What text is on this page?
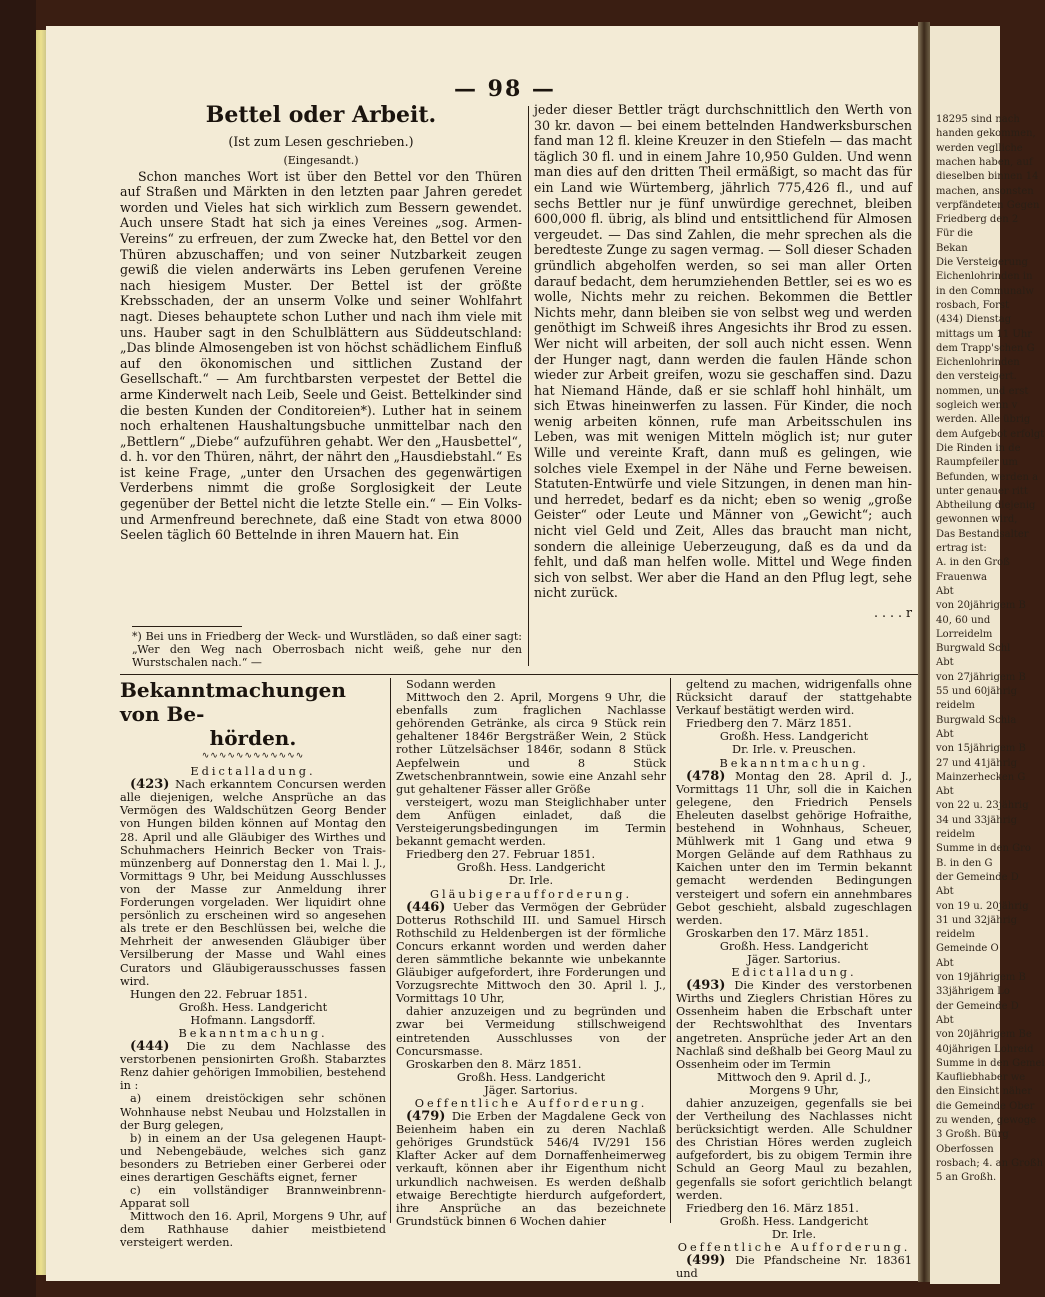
— 98 —
Bettel oder Arbeit.
(Ist zum Lesen geschrieben.)
(Eingesandt.)
Schon manches Wort ist über den Bettel vor den Thüren auf Straßen und Märkten in den letzten paar Jahren geredet worden und Vieles hat sich wirklich zum Bessern gewendet. Auch unsere Stadt hat sich ja eines Vereines „sog. Armen-Vereins“ zu erfreuen, der zum Zwecke hat, den Bettel vor den Thüren abzuschaffen; und von seiner Nutzbarkeit zeugen gewiß die vielen anderwärts ins Leben gerufenen Vereine nach hiesigem Muster. Der Bettel ist der größte Krebsschaden, der an unserm Volke und seiner Wohlfahrt nagt. Dieses behauptete schon Luther und nach ihm viele mit uns. Hauber sagt in den Schulblättern aus Süddeutschland: „Das blinde Almosengeben ist von höchst schädlichem Einfluß auf den ökonomischen und sittlichen Zustand der Gesellschaft.“ — Am furchtbarsten verpestet der Bettel die arme Kinderwelt nach Leib, Seele und Geist. Bettelkinder sind die besten Kunden der Conditoreien*). Luther hat in seinem noch erhaltenen Haushaltungsbuche unmittelbar nach den „Bettlern“ „Diebe“ aufzuführen gehabt. Wer den „Hausbettel“, d. h. vor den Thüren, nährt, der nährt den „Hausdiebstahl.“ Es ist keine Frage, „unter den Ursachen des gegenwärtigen Verderbens nimmt die große Sorglosigkeit der Leute gegenüber der Bettel nicht die letzte Stelle ein.“ — Ein Volks- und Armenfreund berechnete, daß eine Stadt von etwa 8000 Seelen täglich 60 Bettelnde in ihren Mauern hat. Ein
*) Bei uns in Friedberg der Weck- und Wurstläden, so daß einer sagt: „Wer den Weg nach Oberrosbach nicht weiß, gehe nur den Wurstschalen nach.“ —
jeder dieser Bettler trägt durchschnittlich den Werth von 30 kr. davon — bei einem bettelnden Handwerksburschen fand man 12 fl. kleine Kreuzer in den Stiefeln — das macht täglich 30 fl. und in einem Jahre 10,950 Gulden. Und wenn man dies auf den dritten Theil ermäßigt, so macht das für ein Land wie Würtemberg, jährlich 775,426 fl., und auf sechs Bettler nur je fünf unwürdige gerechnet, bleiben 600,000 fl. übrig, als blind und entsittlichend für Almosen vergeudet. — Das sind Zahlen, die mehr sprechen als die beredteste Zunge zu sagen vermag. — Soll dieser Schaden gründlich abgeholfen werden, so sei man aller Orten darauf bedacht, dem herumziehenden Bettler, sei es wo es wolle, Nichts mehr zu reichen. Bekommen die Bettler Nichts mehr, dann bleiben sie von selbst weg und werden genöthigt im Schweiß ihres Angesichts ihr Brod zu essen. Wer nicht will arbeiten, der soll auch nicht essen. Wenn der Hunger nagt, dann werden die faulen Hände schon wieder zur Arbeit greifen, wozu sie geschaffen sind. Dazu hat Niemand Hände, daß er sie schlaff hohl hinhält, um sich Etwas hineinwerfen zu lassen. Für Kinder, die noch wenig arbeiten können, rufe man Arbeitsschulen ins Leben, was mit wenigen Mitteln möglich ist; nur guter Wille und vereinte Kraft, dann muß es gelingen, wie solches viele Exempel in der Nähe und Ferne beweisen. Statuten-Entwürfe und viele Sitzungen, in denen man hin- und herredet, bedarf es da nicht; eben so wenig „große Geister“ oder Leute und Männer von „Gewicht“; auch nicht viel Geld und Zeit, Alles das braucht man nicht, sondern die alleinige Ueberzeugung, daß es da und da fehlt, und daß man helfen wolle. Mittel und Wege finden sich von selbst. Wer aber die Hand an den Pflug legt, sehe nicht zurück.
. . . . r
Bekanntmachungen von Be-
hörden.
∿∿∿∿∿∿∿∿∿∿∿∿

Edictalladung.

(423) Nach erkanntem Concursen werden alle diejenigen, welche Ansprüche an das Vermögen des Waldschützen Georg Bender von Hungen bilden können auf Montag den 28. April und alle Gläubiger des Wirthes und Schuhmachers Heinrich Becker von Trais-münzenberg auf Donnerstag den 1. Mai l. J., Vormittags 9 Uhr, bei Meidung Ausschlusses von der Masse zur Anmeldung ihrer Forderungen vorgeladen. Wer liquidirt ohne persönlich zu erscheinen wird so angesehen als trete er den Beschlüssen bei, welche die Mehrheit der anwesenden Gläubiger über Versilberung der Masse und Wahl eines Curators und Gläubigerausschusses fassen wird.

Hungen den 22. Februar 1851.

Großh. Hess. Landgericht

Hofmann. Langsdorff.

Bekanntmachung.

(444) Die zu dem Nachlasse des verstorbenen pensionirten Großh. Stabarztes Renz dahier gehörigen Immobilien, bestehend in :

a) einem dreistöckigen sehr schönen Wohnhause nebst Neubau und Holzstallen in der Burg gelegen,

b) in einem an der Usa gelegenen Haupt- und Nebengebäude, welches sich ganz besonders zu Betrieben einer Gerberei oder eines derartigen Geschäfts eignet, ferner

c) ein vollständiger Brannweinbrenn-Apparat soll

Mittwoch den 16. April, Morgens 9 Uhr, auf dem Rathhause dahier meistbietend versteigert werden.

Sodann werden

Mittwoch den 2. April, Morgens 9 Uhr, die ebenfalls zum fraglichen Nachlasse gehörenden Getränke, als circa 9 Stück rein gehaltener 1846r Bergsträßer Wein, 2 Stück rother Lützelsächser 1846r, sodann 8 Stück Aepfelwein und 8 Stück Zwetschenbranntwein, sowie eine Anzahl sehr gut gehaltener Fässer aller Größe

versteigert, wozu man Steiglichhaber unter dem Anfügen einladet, daß die Versteigerungsbedingungen im Termin bekannt gemacht werden.

Friedberg den 27. Februar 1851.

Großh. Hess. Landgericht

Dr. Irle.

Gläubigeraufforderung.

(446) Ueber das Vermögen der Gebrüder Dotterus Rothschild III. und Samuel Hirsch Rothschild zu Heldenbergen ist der förmliche Concurs erkannt worden und werden daher deren sämmtliche bekannte wie unbekannte Gläubiger aufgefordert, ihre Forderungen und Vorzugsrechte Mittwoch den 30. April l. J., Vormittags 10 Uhr,

dahier anzuzeigen und zu begründen und zwar bei Vermeidung stillschweigend eintretenden Ausschlusses von der Concursmasse.

Groskarben den 8. März 1851.

Großh. Hess. Landgericht

Jäger. Sartorius.

Oeffentliche Aufforderung.

(479) Die Erben der Magdalene Geck von Beienheim haben ein zu deren Nachlaß gehöriges Grundstück 546/4 IV/291 156 Klafter Acker auf dem Dornaffenheimerweg verkauft, können aber ihr Eigenthum nicht urkundlich nachweisen. Es werden deßhalb etwaige Berechtigte hierdurch aufgefordert, ihre Ansprüche an das bezeichnete Grundstück binnen 6 Wochen dahier

geltend zu machen, widrigenfalls ohne Rücksicht darauf der stattgehabte Verkauf bestätigt werden wird.

Friedberg den 7. März 1851.

Großh. Hess. Landgericht

Dr. Irle. v. Preuschen.

Bekanntmachung.

(478) Montag den 28. April d. J., Vormittags 11 Uhr, soll die in Kaichen gelegene, den Friedrich Pensels Eheleuten daselbst gehörige Hofraithe, bestehend in Wohnhaus, Scheuer, Mühlwerk mit 1 Gang und etwa 9 Morgen Gelände auf dem Rathhaus zu Kaichen unter den im Termin bekannt gemacht werdenden Bedingungen versteigert und sofern ein annehmbares Gebot geschieht, alsbald zugeschlagen werden.

Groskarben den 17. März 1851.

Großh. Hess. Landgericht

Jäger. Sartorius.

Edictalladung.

(493) Die Kinder des verstorbenen Wirths und Zieglers Christian Höres zu Ossenheim haben die Erbschaft unter der Rechtswohlthat des Inventars angetreten. Ansprüche jeder Art an den Nachlaß sind deßhalb bei Georg Maul zu Ossenheim oder im Termin

Mittwoch den 9. April d. J.,

Morgens 9 Uhr,

dahier anzuzeigen, gegenfalls sie bei der Vertheilung des Nachlasses nicht berücksichtigt werden. Alle Schuldner des Christian Höres werden zugleich aufgefordert, bis zu obigem Termin ihre Schuld an Georg Maul zu bezahlen, gegenfalls sie sofort gerichtlich belangt werden.

Friedberg den 16. März 1851.

Großh. Hess. Landgericht

Dr. Irle.

Oeffentliche Aufforderung.

(499) Die Pfandscheine Nr. 18361 und

18295 sind nach
handen gekommen,
werden veglliche
machen haben, auf
dieselben binnen 14
machen, ansonsten
verpfändeten Gegen
Friedberg den 2
Für die
Bekan
Die Versteigerung
Eichenlohrinden in
in den Communalw
rosbach, Forst
(434) Dienstag
mittags um 11 Uhr
dem Trapp'schen G
Eichenlohrinden
den versteigert.
nommen, und erst
sogleich wenn v
werden. Alle übrig
dem Aufgebot erfolgt
Die Rinden in de
Raumpfeiler um
Befunden, werden a
unter genauer ritt
Abtheilung diejenig
gewonnen wird,
Das Bestandsalter
ertrag ist:
A. in den Groß
Frauenwa
Abt
von 20jährigem B
40, 60 und
Lorreidelm
Burgwald Schl
Abt
von 27jährigem B
55 und 60jährig
reidelm
Burgwald Schla
Abt
von 15jährigem B
27 und 41jährig
Mainzerhecken G
Abt
von 22 u. 23jährig
34 und 33jährig
reidelm
Summe in den Gro
B. in den G
der Gemeinde D
Abt
von 19 u. 20jährig
31 und 32jährig
reidelm
Gemeinde O
Abt
von 19jährigem B
33jährigem Lo
der Gemeinde D
Abt
von 20jährigem Be
40jährigen Lohreid
Summe in den Gemei
Kaufliebhaber we
den Einsicht näher
die Gemeinde Ober
zu wenden, gewoge
3 Großh. Bürg
Oberfossen
rosbach; 4. an Großh
5 an Großh.
